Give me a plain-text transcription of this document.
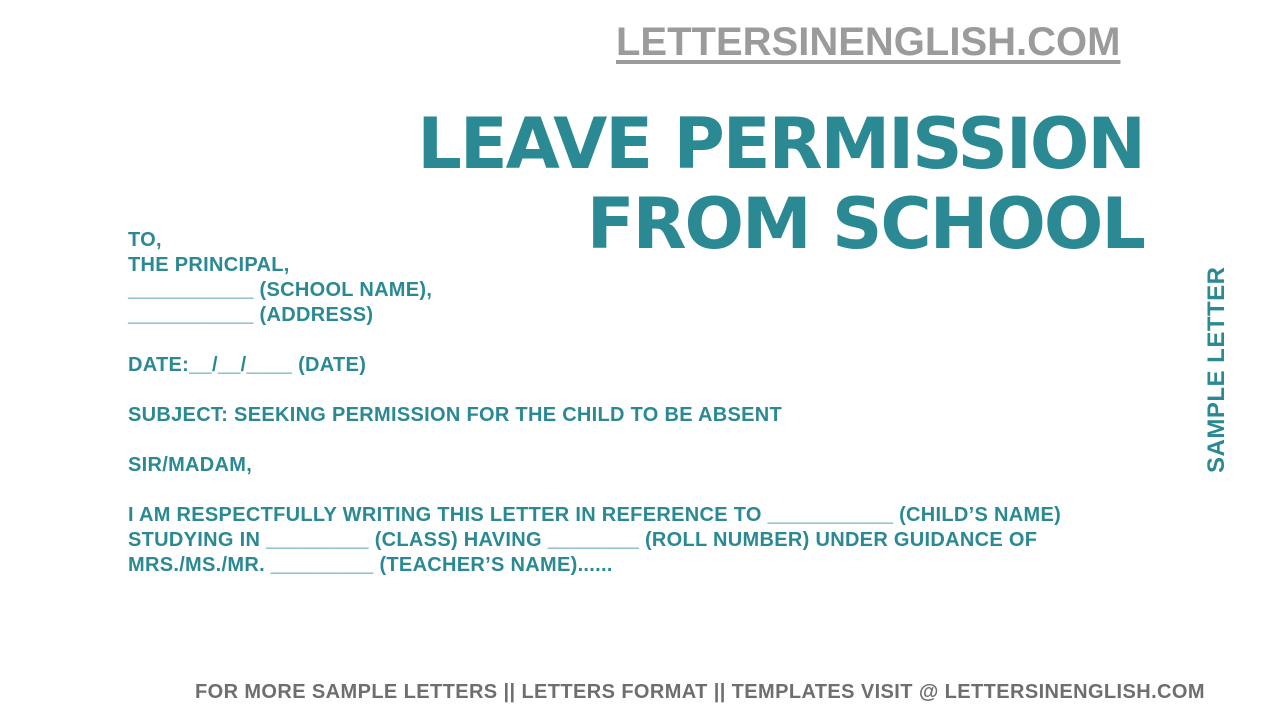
LETTERSINENGLISH.COM
LEAVE PERMISSION
FROM SCHOOL
SAMPLE LETTER
TO,
THE PRINCIPAL,
___________ (SCHOOL NAME),
___________ (ADDRESS)
DATE:__/__/____ (DATE)
SUBJECT: SEEKING PERMISSION FOR THE CHILD TO BE ABSENT
SIR/MADAM,
I AM RESPECTFULLY WRITING THIS LETTER IN REFERENCE TO ___________ (CHILD’S NAME)
STUDYING IN _________ (CLASS) HAVING ________ (ROLL NUMBER) UNDER GUIDANCE OF
MRS./MS./MR. _________ (TEACHER’S NAME)......
FOR MORE SAMPLE LETTERS || LETTERS FORMAT || TEMPLATES VISIT @ LETTERSINENGLISH.COM
